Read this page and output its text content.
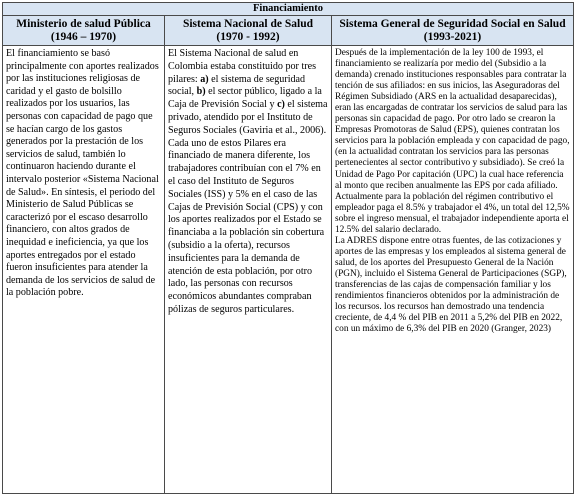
Financiamiento
Ministerio de salud Pública
(1946 – 1970)
Sistema Nacional de Salud
(1970 - 1992)
Sistema General de Seguridad Social en Salud (1993-2021)
El financiamiento se basó principalmente con aportes realizados por las instituciones religiosas de caridad y el gasto de bolsillo realizados por los usuarios, las personas con capacidad de pago que se hacían cargo de los gastos generados por la prestación de los servicios de salud, también lo continuaron haciendo durante el intervalo posterior «Sistema Nacional de Salud». En síntesis, el periodo del Ministerio de Salud Públicas se caracterizó por el escaso desarrollo financiero, con altos grados de inequidad e ineficiencia, ya que los aportes entregados por el estado fueron insuficientes para atender la demanda de los servicios de salud de la población pobre.
El Sistema Nacional de salud en Colombia estaba constituido por tres pilares: a) el sistema de seguridad social, b) el sector público, ligado a la Caja de Previsión Social y c) el sistema privado, atendido por el Instituto de Seguros Sociales (Gaviria et al., 2006). Cada uno de estos Pilares era financiado de manera diferente, los trabajadores contribuían con el 7% en el caso del Instituto de Seguros Sociales (ISS) y 5% en el caso de las Cajas de Previsión Social (CPS) y con los aportes realizados por el Estado se financiaba a la población sin cobertura (subsidio a la oferta), recursos insuficientes para la demanda de atención de esta población, por otro lado, las personas con recursos económicos abundantes compraban pólizas de seguros particulares.

Después de la implementación de la ley 100 de 1993, el financiamiento se realizaría por medio del (Subsidio a la demanda) crenado instituciones responsables para contratar la tención de sus afiliados: en sus inicios, las Aseguradoras del Régimen Subsidiado (ARS en la actualidad desaparecidas), eran las encargadas de contratar los servicios de salud para las personas sin capacidad de pago. Por otro lado se crearon la Empresas Promotoras de Salud (EPS), quienes contratan los servicios para la población empleada y con capacidad de pago, (en la actualidad contratan los servicios para las personas pertenecientes al sector contributivo y subsidiado). Se creó la Unidad de Pago Por capitación (UPC) la cual hace referencia al monto que reciben anualmente las EPS por cada afiliado.

Actualmente para la población del régimen contributivo el empleador paga el 8.5% y trabajador el 4%, un total del 12,5% sobre el ingreso mensual, el trabajador independiente aporta el 12.5% del salario declarado.

La ADRES dispone entre otras fuentes, de las cotizaciones y aportes de las empresas y los empleados al sistema general de salud, de los aportes del Presupuesto General de la Nación (PGN), incluido el Sistema General de Participaciones (SGP), transferencias de las cajas de compensación familiar y los rendimientos financieros obtenidos por la administración de los recursos. los recursos han demostrado una tendencia creciente, de 4,4 % del PIB en 2011 a 5,2% del PIB en 2022, con un máximo de 6,3% del PIB en 2020 (Granger, 2023)
